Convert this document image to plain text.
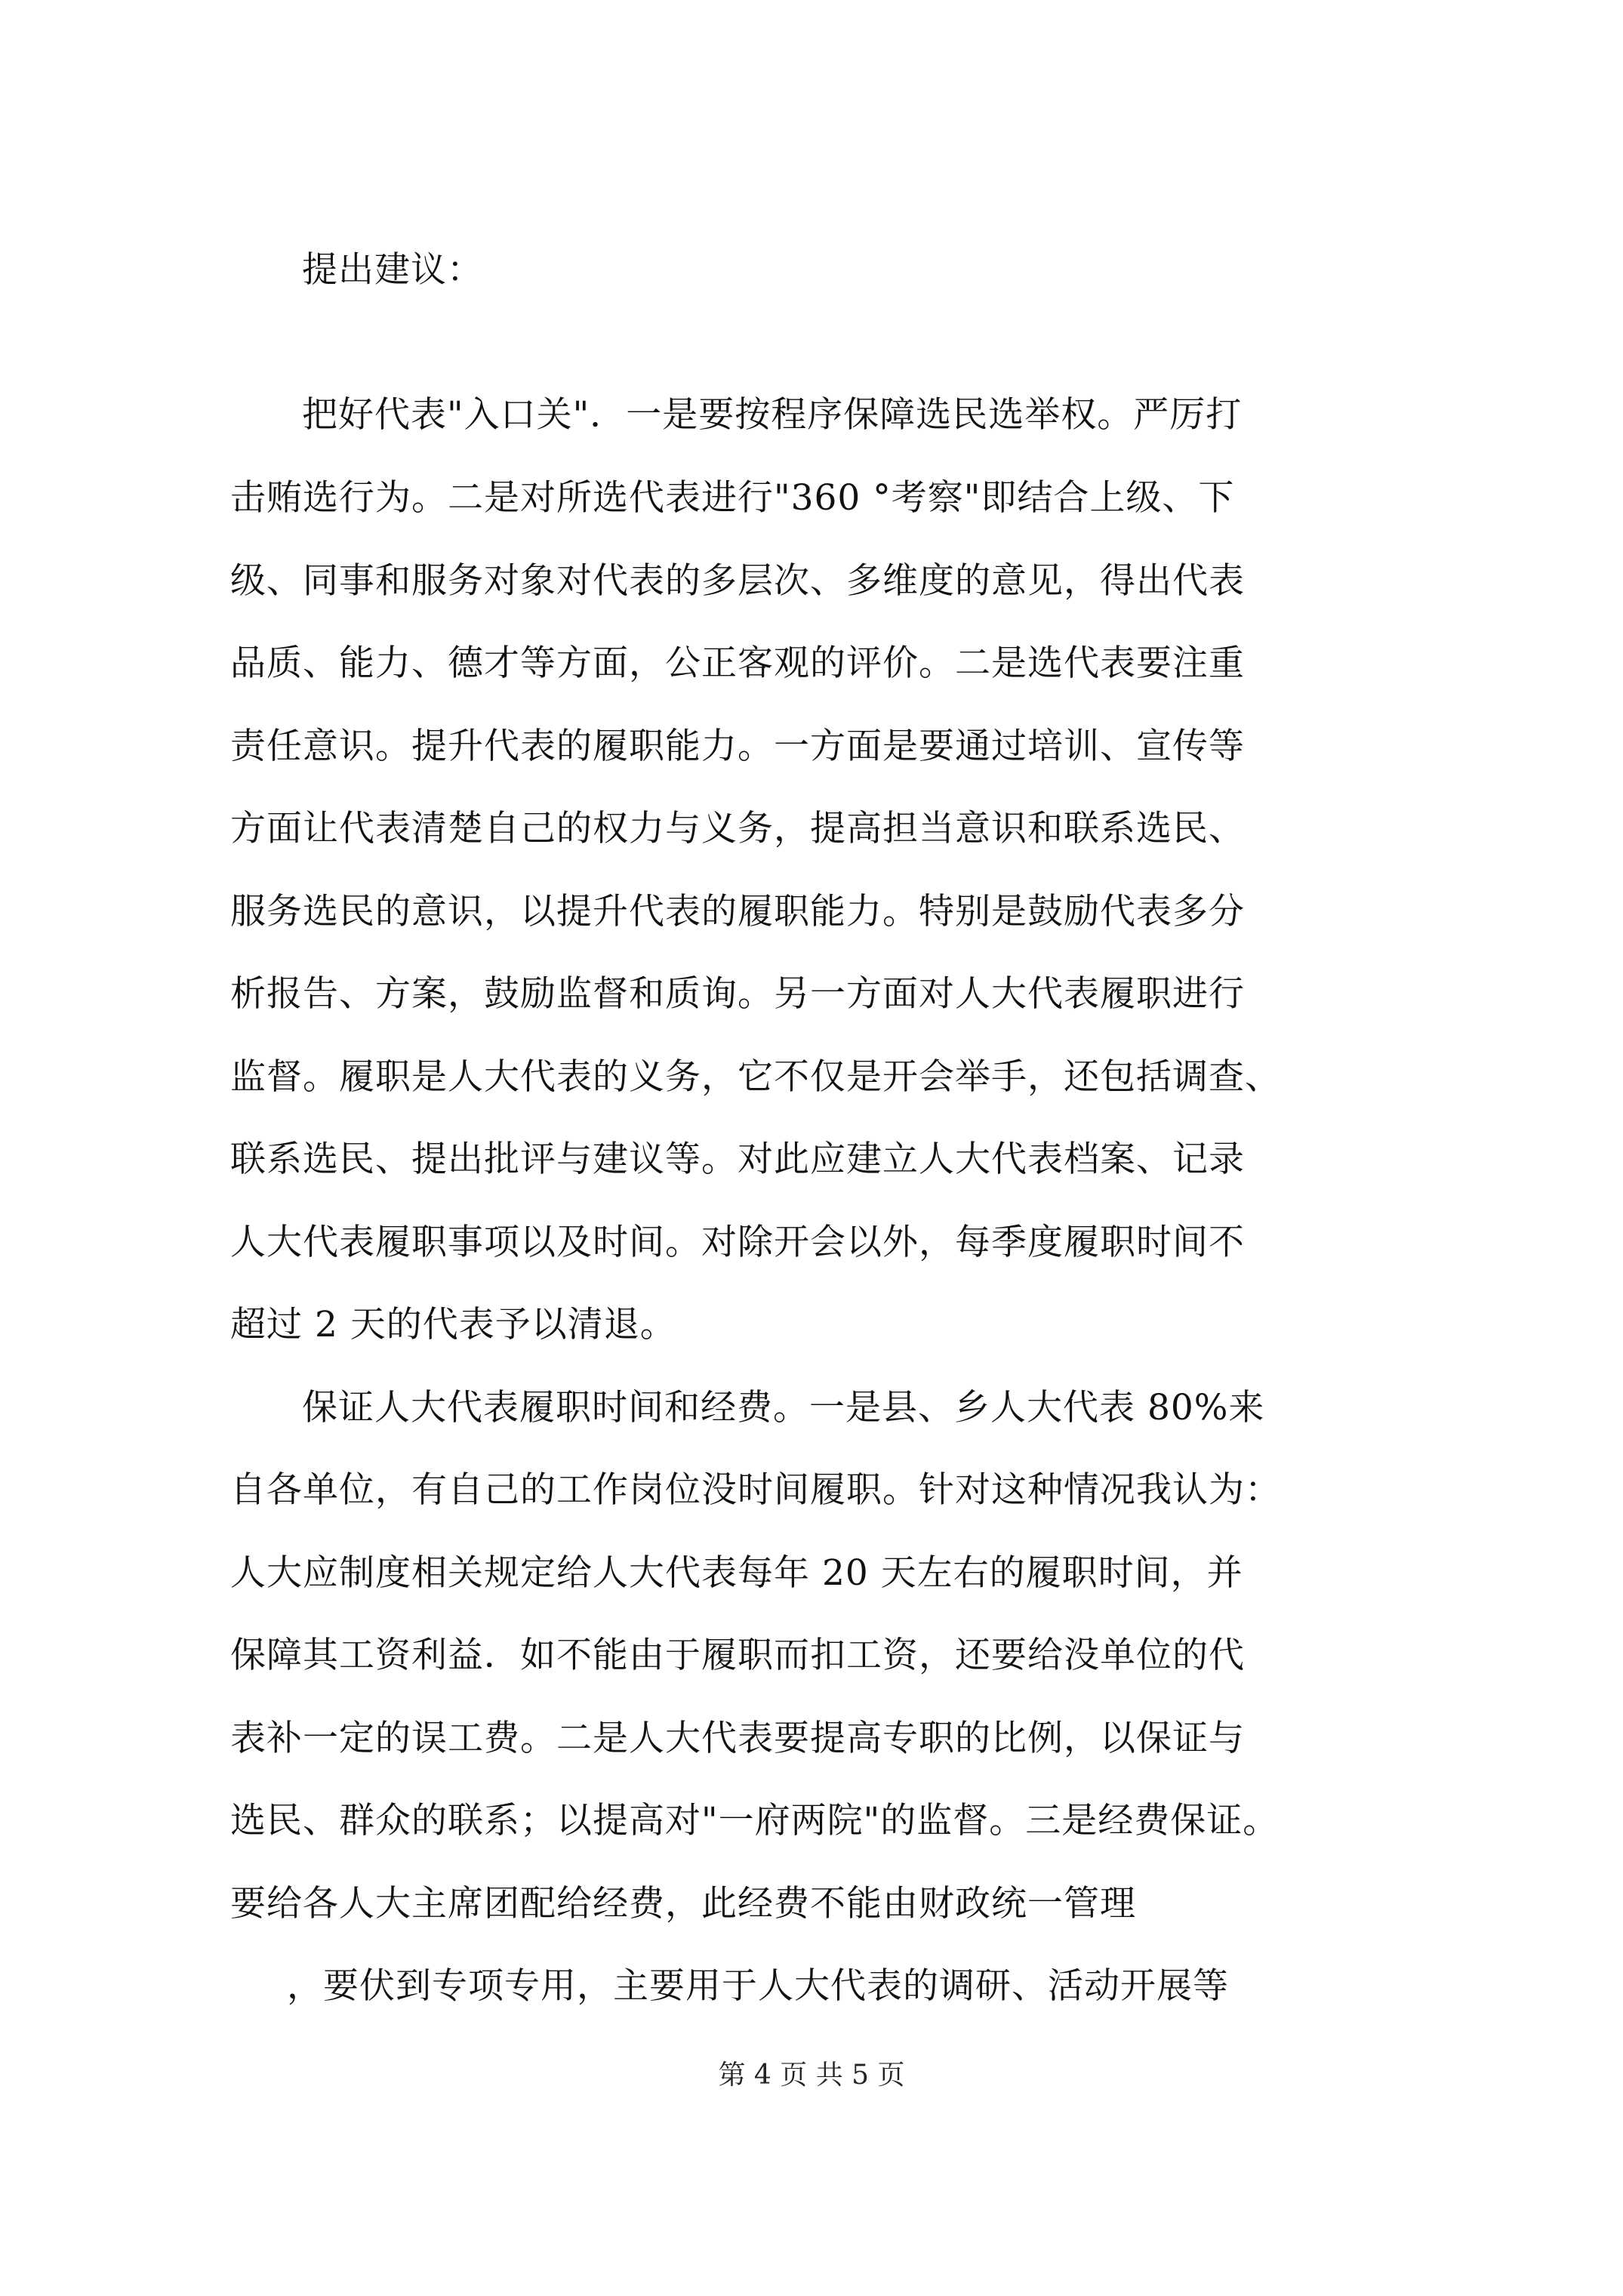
提出建议：
把好代表"入口关"．一是要按程序保障选民选举权。严厉打
击贿选行为。二是对所选代表进行"360 °考察"即结合上级、下
级、同事和服务对象对代表的多层次、多维度的意见，得出代表
品质、能力、德才等方面，公正客观的评价。二是选代表要注重
责任意识。提升代表的履职能力。一方面是要通过培训、宣传等
方面让代表清楚自己的权力与义务，提高担当意识和联系选民、
服务选民的意识，以提升代表的履职能力。特别是鼓励代表多分
析报告、方案，鼓励监督和质询。另一方面对人大代表履职进行
监督。履职是人大代表的义务，它不仅是开会举手，还包括调查、
联系选民、提出批评与建议等。对此应建立人大代表档案、记录
人大代表履职事项以及时间。对除开会以外，每季度履职时间不
超过 2 天的代表予以清退。
保证人大代表履职时间和经费。一是县、乡人大代表 80%来
自各单位，有自己的工作岗位没时间履职。针对这种情况我认为：
人大应制度相关规定给人大代表每年 20 天左右的履职时间，并
保障其工资利益．如不能由于履职而扣工资，还要给没单位的代
表补一定的误工费。二是人大代表要提高专职的比例，以保证与
选民、群众的联系；以提高对"一府两院"的监督。三是经费保证。
要给各人大主席团配给经费，此经费不能由财政统一管理
，要伏到专项专用，主要用于人大代表的调研、活动开展等
第 4 页 共 5 页
